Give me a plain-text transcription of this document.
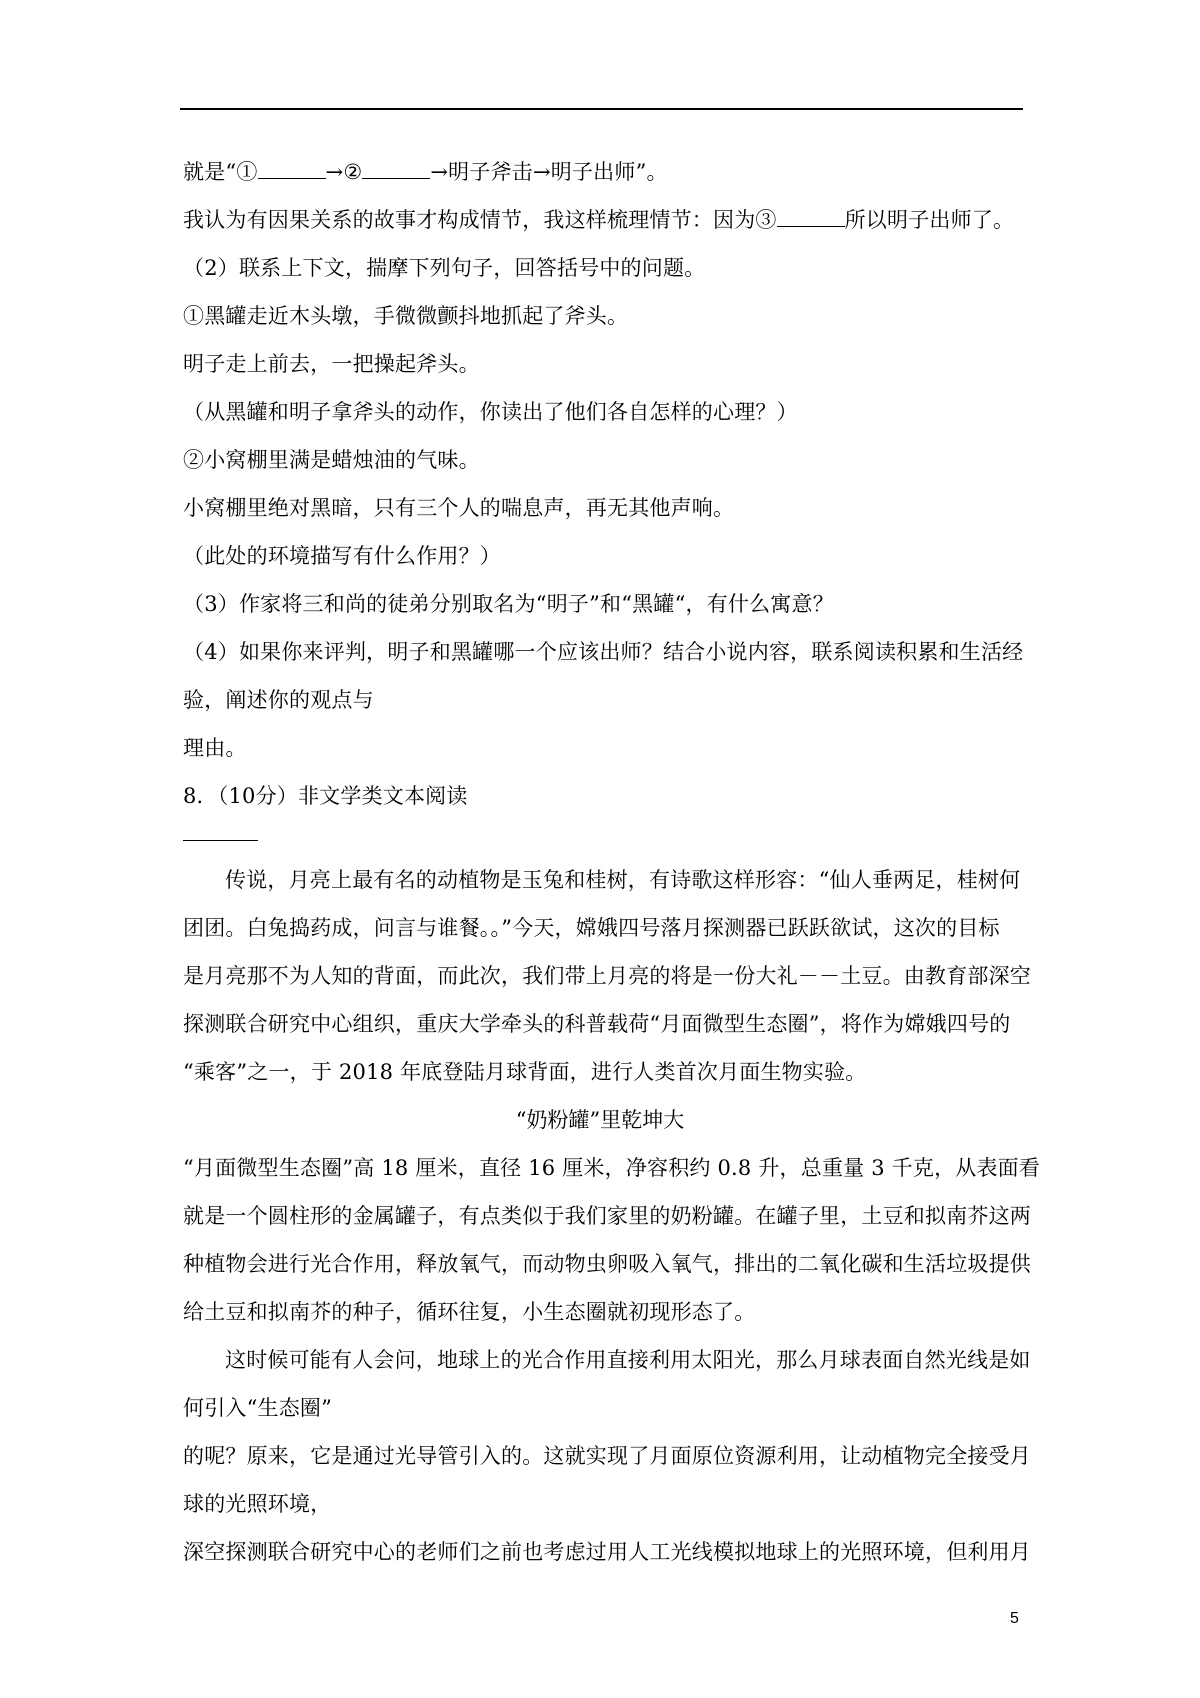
就是“①	→②	→明子斧击→明子出师”。
我认为有因果关系的故事才构成情节，我这样梳理情节：因为③	所以明子出师了。
（2）联系上下文，揣摩下列句子，回答括号中的问题。
①黑罐走近木头墩，手微微颤抖地抓起了斧头。
明子走上前去，一把操起斧头。
（从黑罐和明子拿斧头的动作，你读出了他们各自怎样的心理？）
②小窝棚里满是蜡烛油的气味。
小窝棚里绝对黑暗，只有三个人的喘息声，再无其他声响。
（此处的环境描写有什么作用？）
（3）作家将三和尚的徒弟分别取名为“明子”和“黑罐“，有什么寓意？
（4）如果你来评判，明子和黑罐哪一个应该出师？结合小说内容，联系阅读积累和生活经
验，阐述你的观点与
理由。
8．（10分）非文学类文本阅读
传说，月亮上最有名的动植物是玉兔和桂树，有诗歌这样形容：“仙人垂两足，桂树何
团团。白兔捣药成，问言与谁餐。。”今天，嫦娥四号落月探测器已跃跃欲试，这次的目标
是月亮那不为人知的背面，而此次，我们带上月亮的将是一份大礼－－土豆。由教育部深空
探测联合研究中心组织，重庆大学牵头的科普载荷“月面微型生态圈”，将作为嫦娥四号的
“乘客”之一，于 2018 年底登陆月球背面，进行人类首次月面生物实验。
“奶粉罐”里乾坤大
“月面微型生态圈”高 18 厘米，直径 16 厘米，净容积约 0.8 升，总重量 3 千克，从表面看
就是一个圆柱形的金属罐子，有点类似于我们家里的奶粉罐。在罐子里，土豆和拟南芥这两
种植物会进行光合作用，释放氧气，而动物虫卵吸入氧气，排出的二氧化碳和生活垃圾提供
给土豆和拟南芥的种子，循环往复，小生态圈就初现形态了。
这时候可能有人会问，地球上的光合作用直接利用太阳光，那么月球表面自然光线是如
何引入“生态圈”
的呢？原来，它是通过光导管引入的。这就实现了月面原位资源利用，让动植物完全接受月
球的光照环境，
深空探测联合研究中心的老师们之前也考虑过用人工光线模拟地球上的光照环境，但利用月
5
